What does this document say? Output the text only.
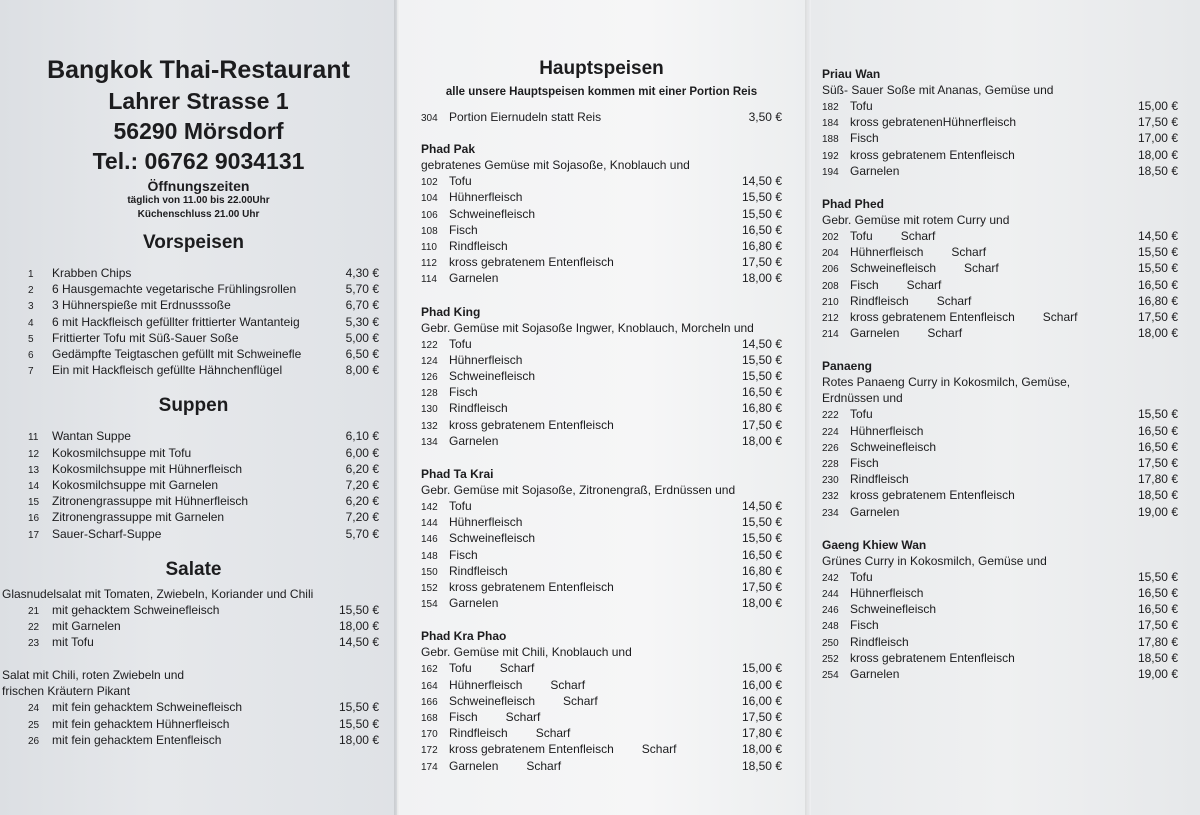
Bangkok Thai-Restaurant
Lahrer Strasse 1
56290 Mörsdorf
Tel.: 06762 9034131
Öffnungszeiten
täglich von 11.00 bis 22.00Uhr
Küchenschluss 21.00 Uhr
Vorspeisen
1	Krabben Chips	4,30 €
2	6 Hausgemachte vegetarische Frühlingsrollen	5,70 €
3	3 Hühnerspieße mit Erdnusssoße	6,70 €
4	6 mit Hackfleisch gefüllter frittierter Wantanteig	5,30 €
5	Frittierter Tofu mit Süß-Sauer Soße	5,00 €
6	Gedämpfte Teigtaschen gefüllt mit Schweinefle	6,50 €
7	Ein mit Hackfleisch gefüllte Hähnchenflügel	8,00 €
Suppen
11	Wantan Suppe	6,10 €
12	Kokosmilchsuppe mit Tofu	6,00 €
13	Kokosmilchsuppe mit Hühnerfleisch	6,20 €
14	Kokosmilchsuppe mit Garnelen	7,20 €
15	Zitronengrassuppe mit Hühnerfleisch	6,20 €
16	Zitronengrassuppe mit Garnelen	7,20 €
17	Sauer-Scharf-Suppe	5,70 €
Salate
Glasnudelsalat mit Tomaten, Zwiebeln, Koriander und Chili
21	mit gehacktem Schweinefleisch	15,50 €
22	mit Garnelen	18,00 €
23	mit Tofu	14,50 €
Salat mit Chili, roten Zwiebeln und
frischen Kräutern Pikant
24	mit fein gehacktem Schweinefleisch	15,50 €
25	mit fein gehacktem Hühnerfleisch	15,50 €
26	mit fein gehacktem Entenfleisch	18,00 €
Hauptspeisen
alle unsere Hauptspeisen kommen mit einer Portion Reis
304 Portion Eiernudeln statt Reis	3,50 €
Phad Pak
gebratenes Gemüse mit Sojasoße, Knoblauch und
102 Tofu	14,50 €
104 Hühnerfleisch	15,50 €
106 Schweinefleisch	15,50 €
108 Fisch	16,50 €
110	Rindfleisch	16,80 €
112	kross gebratenem Entenfleisch	17,50 €
114	Garnelen	18,00 €
Phad King
Gebr. Gemüse mit Sojasoße Ingwer, Knoblauch, Morcheln und
122 Tofu	14,50 €
124 Hühnerfleisch	15,50 €
126 Schweinefleisch	15,50 €
128 Fisch	16,50 €
130 Rindfleisch	16,80 €
132 kross gebratenem Entenfleisch	17,50 €
134 Garnelen	18,00 €
Phad Ta Krai
Gebr. Gemüse mit Sojasoße, Zitronengraß, Erdnüssen und
142 Tofu	14,50 €
144 Hühnerfleisch	15,50 €
146 Schweinefleisch	15,50 €
148 Fisch	16,50 €
150 Rindfleisch	16,80 €
152 kross gebratenem Entenfleisch	17,50 €
154 Garnelen	18,00 €
Phad Kra Phao
Gebr. Gemüse mit Chili, Knoblauch und
162 Tofu Scharf	15,00 €
164 Hühnerfleisch Scharf	16,00 €
166 Schweinefleisch Scharf	16,00 €
168 Fisch Scharf	17,50 €
170 Rindfleisch Scharf	17,80 €
172 kross gebratenem Entenfleisch Scharf	18,00 €
174 Garnelen Scharf	18,50 €
Priau Wan
Süß- Sauer Soße mit Ananas, Gemüse und
182 Tofu	15,00 €
184 kross gebratenenHühnerfleisch	17,50 €
188 Fisch	17,00 €
192 kross gebratenem Entenfleisch	18,00 €
194 Garnelen	18,50 €
Phad Phed
Gebr. Gemüse mit rotem Curry und
202 Tofu Scharf	14,50 €
204 Hühnerfleisch Scharf	15,50 €
206 Schweinefleisch Scharf	15,50 €
208 Fisch Scharf	16,50 €
210 Rindfleisch Scharf	16,80 €
212 kross gebratenem Entenfleisch Scharf	17,50 €
214 Garnelen Scharf	18,00 €
Panaeng
Rotes Panaeng Curry in Kokosmilch, Gemüse,
Erdnüssen und
222 Tofu	15,50 €
224 Hühnerfleisch	16,50 €
226 Schweinefleisch	16,50 €
228 Fisch	17,50 €
230 Rindfleisch	17,80 €
232 kross gebratenem Entenfleisch	18,50 €
234 Garnelen	19,00 €
Gaeng Khiew Wan
Grünes Curry in Kokosmilch, Gemüse und
242 Tofu	15,50 €
244 Hühnerfleisch	16,50 €
246 Schweinefleisch	16,50 €
248 Fisch	17,50 €
250 Rindfleisch	17,80 €
252 kross gebratenem Entenfleisch	18,50 €
254 Garnelen	19,00 €
